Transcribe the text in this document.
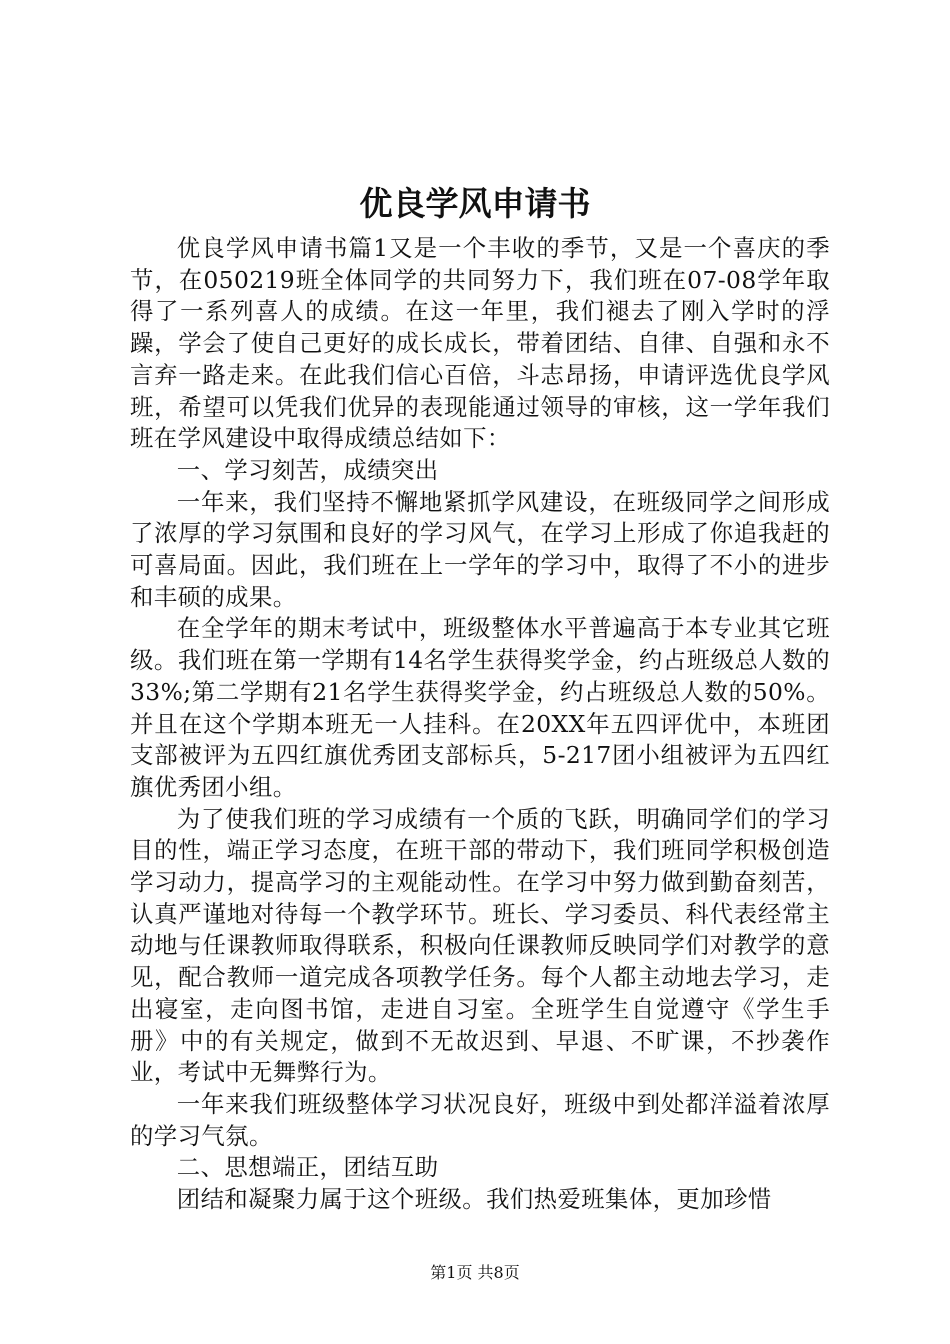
优良学风申请书

优良学风申请书篇1又是一个丰收的季节，又是一个喜庆的季节，在050219班全体同学的共同努力下，我们班在07-08学年取得了一系列喜人的成绩。在这一年里，我们褪去了刚入学时的浮躁，学会了使自己更好的成长成长，带着团结、自律、自强和永不言弃一路走来。在此我们信心百倍，斗志昂扬，申请评选优良学风班，希望可以凭我们优异的表现能通过领导的审核，这一学年我们班在学风建设中取得成绩总结如下：

一、学习刻苦，成绩突出

一年来，我们坚持不懈地紧抓学风建设，在班级同学之间形成了浓厚的学习氛围和良好的学习风气，在学习上形成了你追我赶的可喜局面。因此，我们班在上一学年的学习中，取得了不小的进步和丰硕的成果。

在全学年的期末考试中，班级整体水平普遍高于本专业其它班级。我们班在第一学期有14名学生获得奖学金，约占班级总人数的33%;第二学期有21名学生获得奖学金，约占班级总人数的50%。并且在这个学期本班无一人挂科。在20XX年五四评优中，本班团支部被评为五四红旗优秀团支部标兵，5-217团小组被评为五四红旗优秀团小组。

为了使我们班的学习成绩有一个质的飞跃，明确同学们的学习目的性，端正学习态度，在班干部的带动下，我们班同学积极创造学习动力，提高学习的主观能动性。在学习中努力做到勤奋刻苦，认真严谨地对待每一个教学环节。班长、学习委员、科代表经常主动地与任课教师取得联系，积极向任课教师反映同学们对教学的意见，配合教师一道完成各项教学任务。每个人都主动地去学习，走出寝室，走向图书馆，走进自习室。全班学生自觉遵守《学生手册》中的有关规定，做到不无故迟到、早退、不旷课，不抄袭作业，考试中无舞弊行为。

一年来我们班级整体学习状况良好，班级中到处都洋溢着浓厚的学习气氛。

二、思想端正，团结互助

团结和凝聚力属于这个班级。我们热爱班集体，更加珍惜

第1页 共8页
